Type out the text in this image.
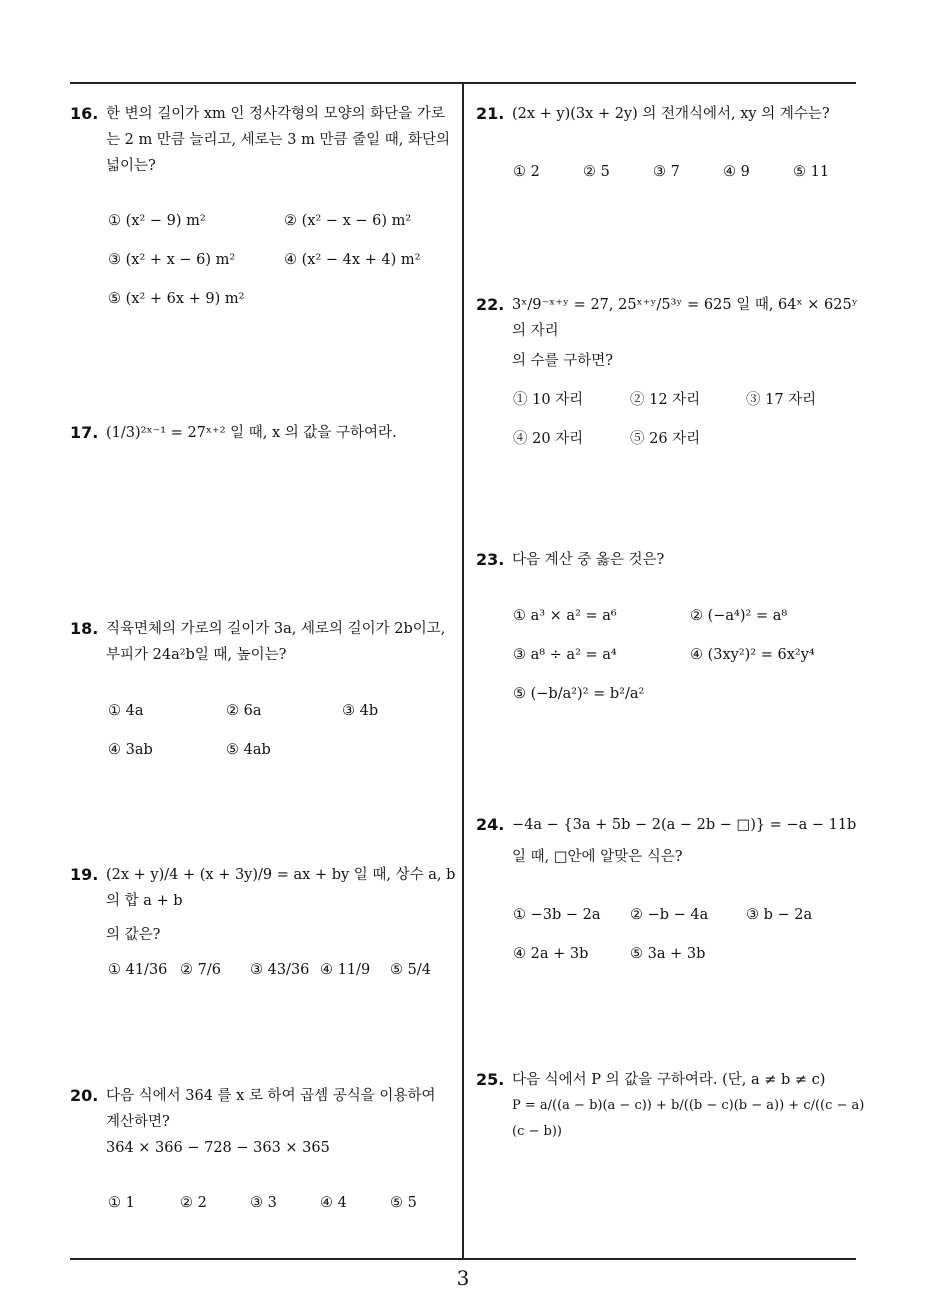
16. 한 변의 길이가 xm 인 정사각형의 모양의 화단을 가로
는 2 m 만큼 늘리고, 세로는 3 m 만큼 줄일 때, 화단의
넓이는?
① (x² − 9) m²	② (x² − x − 6) m²
③ (x² + x − 6) m²	④ (x² − 4x + 4) m²
⑤ (x² + 6x + 9) m²
17. (1/3)²ˣ⁻¹ = 27ˣ⁺² 일 때, x 의 값을 구하여라.
18. 직육면체의 가로의 길이가 3a, 세로의 길이가 2b이고,
부피가 24a²b일 때, 높이는?
① 4a	② 6a	③ 4b
④ 3ab	⑤ 4ab
19. (2x + y)/4 + (x + 3y)/9 = ax + by 일 때, 상수 a, b의 합 a + b
의 값은?
① 41/36 ② 7/6 ③ 43/36 ④ 11/9 ⑤ 5/4
20. 다음 식에서 364 를 x 로 하여 곱셈 공식을 이용하여
계산하면?
364 × 366 − 728 − 363 × 365
① 1	② 2	③ 3	④ 4	⑤ 5
21. (2x + y)(3x + 2y) 의 전개식에서, xy 의 계수는?
① 2	② 5	③ 7	④ 9	⑤ 11
22. 3ˣ/9⁻ˣ⁺ʸ = 27, 25ˣ⁺ʸ/5³ʸ = 625 일 때, 64ˣ × 625ʸ 의 자리
의 수를 구하면?
① 10 자리	② 12 자리	③ 17 자리
④ 20 자리	⑤ 26 자리
23. 다음 계산 중 옳은 것은?
① a³ × a² = a⁶	② (−a⁴)² = a⁸
③ a⁸ ÷ a² = a⁴	④ (3xy²)² = 6x²y⁴
⑤ (−b/a²)² = b²/a²
24. −4a − {3a + 5b − 2(a − 2b − □)} = −a − 11b
일 때, □안에 알맞은 식은?
① −3b − 2a ② −b − 4a	③ b − 2a
④ 2a + 3b	⑤ 3a + 3b
25. 다음 식에서 P 의 값을 구하여라. (단, a ≠ b ≠ c)
P = a/((a − b)(a − c)) + b/((b − c)(b − a)) + c/((c − a)(c − b))
3
